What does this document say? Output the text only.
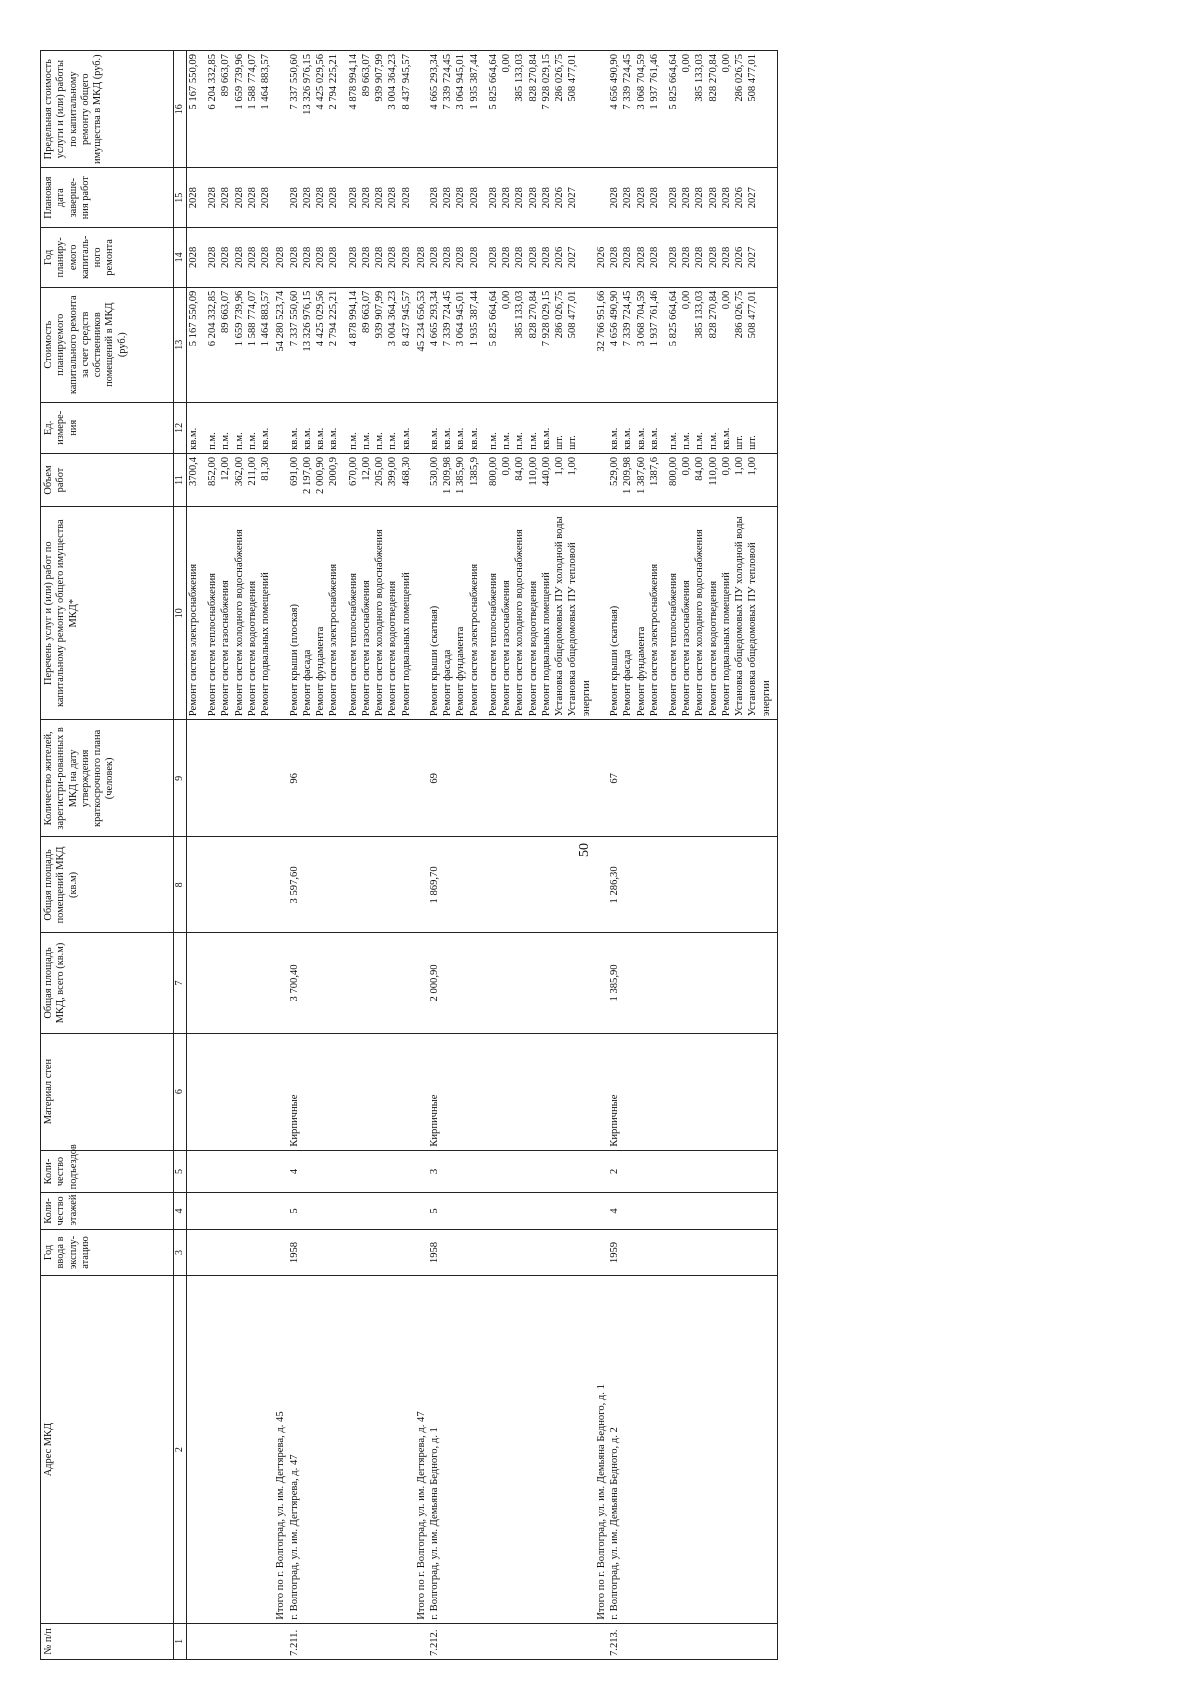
50
№ п/п	Адрес МКД	Год ввода в эксплу-атацию	Коли-чество этажей	Коли-чество подъездов	Материал стен	Общая площадь МКД, всего (кв.м)	Общая площадь помещений МКД (кв.м)	Количество жителей, зарегистри-рованных в МКД на дату утверждения краткосрочного плана (человек)	Перечень услуг и (или) работ по капитальному ремонту общего имущества МКД*	Объем работ	Ед. измере-ния	Стоимость планируемого капитального ремонта за счет средств собственников помещений в МКД (руб.)	Год планиру-емого капиталь-ного ремонта	Плановая дата заверше-ния работ	Предельная стоимость услуги и (или) работы по капитальному ремонту общего имущества в МКД (руб.)
1	2	3	4	5	6	7	8	9	10	11	12	13	14	15	16
									Ремонт систем электроснабжения	3700,4	кв.м.	5 167 550,09	2028	2028	5 167 550,09

									Ремонт систем теплоснабжения	852,00	п.м.	6 204 332,85	2028	2028	6 204 332,85
									Ремонт систем газоснабжения	12,00	п.м.	89 663,07	2028	2028	89 663,07
									Ремонт систем холодного водоснабжения	362,00	п.м.	1 659 739,96	2028	2028	1 659 739,96
									Ремонт систем водоотведения	211,00	п.м.	1 588 774,07	2028	2028	1 588 774,07
									Ремонт подвальных помещений	81,30	кв.м.	1 464 883,57	2028	2028	1 464 883,57
	Итого по г. Волгоград, ул. им. Дегтярева, д. 45											54 280 523,74	2028		
7.211.	г. Волгоград, ул. им. Дегтярева, д. 47	1958	5	4	Кирпичные	3 700,40	3 597,60	96	Ремонт крыши (плоская)	691,00	кв.м.	7 337 550,60	2028	2028	7 337 550,60
									Ремонт фасада	2 197,00	кв.м.	13 326 976,15	2028	2028	13 326 976,15
									Ремонт фундамента	2 000,90	кв.м.	4 425 029,56	2028	2028	4 425 029,56
									Ремонт систем электроснабжения	2000,9	кв.м.	2 794 225,21	2028	2028	2 794 225,21

									Ремонт систем теплоснабжения	670,00	п.м.	4 878 994,14	2028	2028	4 878 994,14
									Ремонт систем газоснабжения	12,00	п.м.	89 663,07	2028	2028	89 663,07
									Ремонт систем холодного водоснабжения	205,00	п.м.	939 907,99	2028	2028	939 907,99
									Ремонт систем водоотведения	399,00	п.м.	3 004 364,23	2028	2028	3 004 364,23
									Ремонт подвальных помещений	468,30	кв.м.	8 437 945,57	2028	2028	8 437 945,57
	Итого по г. Волгоград, ул. им. Дегтярева, д. 47											45 234 656,53	2028		
7.212.	г. Волгоград, ул. им. Демьяна Бедного, д. 1	1958	5	3	Кирпичные	2 000,90	1 869,70	69	Ремонт крыши (скатная)	530,00	кв.м.	4 665 293,34	2028	2028	4 665 293,34
									Ремонт фасада	1 209,98	кв.м.	7 339 724,45	2028	2028	7 339 724,45
									Ремонт фундамента	1 385,90	кв.м.	3 064 945,01	2028	2028	3 064 945,01
									Ремонт систем электроснабжения	1385,9	кв.м.	1 935 387,44	2028	2028	1 935 387,44

									Ремонт систем теплоснабжения	800,00	п.м.	5 825 664,64	2028	2028	5 825 664,64
									Ремонт систем газоснабжения	0,00	п.м.	0,00	2028	2028	0,00
									Ремонт систем холодного водоснабжения	84,00	п.м.	385 133,03	2028	2028	385 133,03
									Ремонт систем водоотведения	110,00	п.м.	828 270,84	2028	2028	828 270,84
									Ремонт подвальных помещений	440,00	кв.м.	7 928 029,15	2028	2028	7 928 029,15
									Установка общедомовых ПУ холодной воды	1,00	шт.	286 026,75	2026	2026	286 026,75
									Установка общедомовых ПУ тепловой энергии	1,00	шт.	508 477,01	2027	2027	508 477,01
	Итого по г. Волгоград, ул. им. Демьяна Бедного, д. 1											32 766 951,66	2026		
7.213.	г. Волгоград, ул. им. Демьяна Бедного, д. 2	1959	4	2	Кирпичные	1 385,90	1 286,30	67	Ремонт крыши (скатная)	529,00	кв.м.	4 656 490,90	2028	2028	4 656 490,90
									Ремонт фасада	1 209,98	кв.м.	7 339 724,45	2028	2028	7 339 724,45
									Ремонт фундамента	1 387,60	кв.м.	3 068 704,59	2028	2028	3 068 704,59
									Ремонт систем электроснабжения	1387,6	кв.м.	1 937 761,46	2028	2028	1 937 761,46

									Ремонт систем теплоснабжения	800,00	п.м.	5 825 664,64	2028	2028	5 825 664,64
									Ремонт систем газоснабжения	0,00	п.м.	0,00	2028	2028	0,00
									Ремонт систем холодного водоснабжения	84,00	п.м.	385 133,03	2028	2028	385 133,03
									Ремонт систем водоотведения	110,00	п.м.	828 270,84	2028	2028	828 270,84
									Ремонт подвальных помещений	0,00	кв.м.	0,00	2028	2028	0,00
									Установка общедомовых ПУ холодной воды	1,00	шт.	286 026,75	2026	2026	286 026,75
									Установка общедомовых ПУ тепловой энергии	1,00	шт.	508 477,01	2027	2027	508 477,01
